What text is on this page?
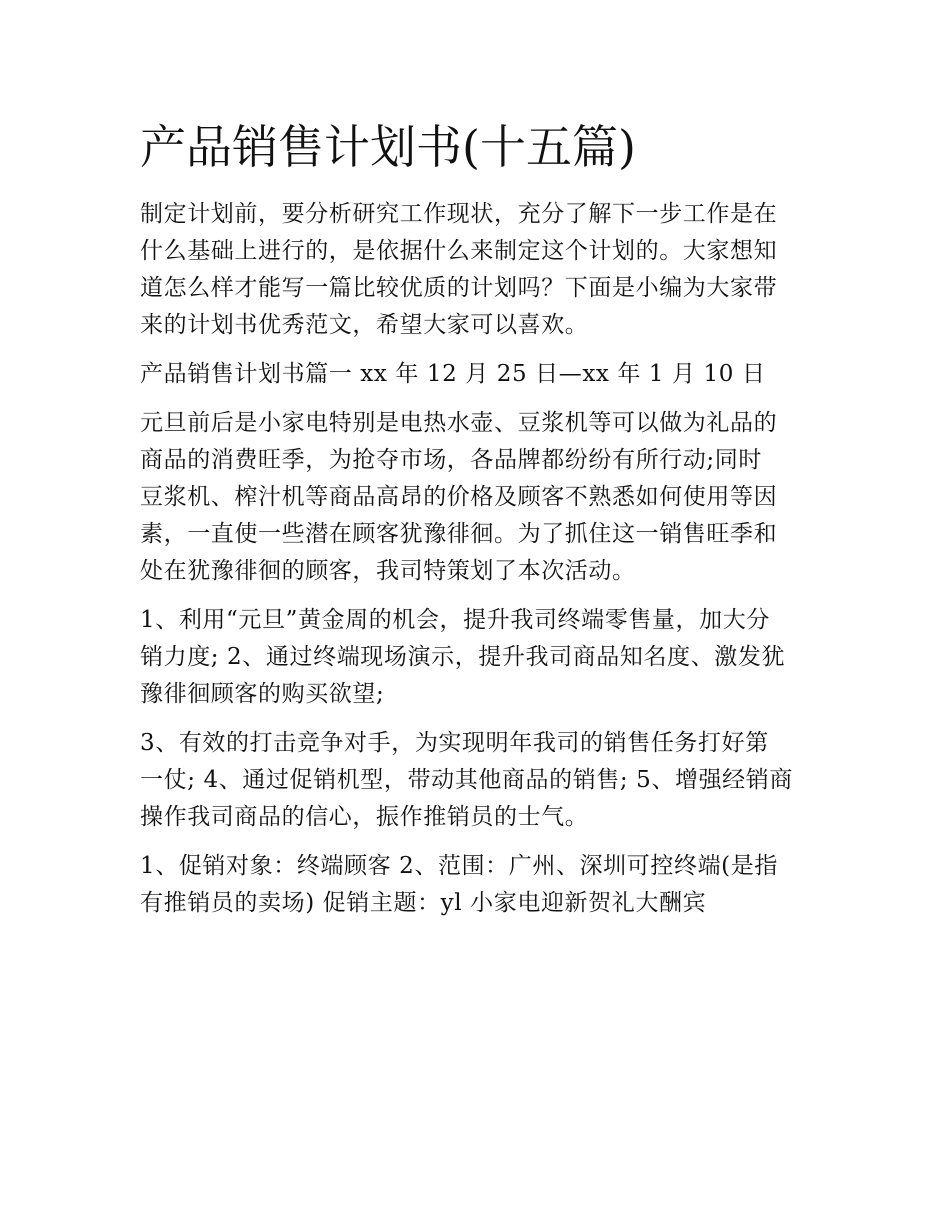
产品销售计划书(十五篇)
制定计划前，要分析研究工作现状，充分了解下一步工作是在
什么基础上进行的，是依据什么来制定这个计划的。大家想知
道怎么样才能写一篇比较优质的计划吗？下面是小编为大家带
来的计划书优秀范文，希望大家可以喜欢。
产品销售计划书篇一 xx 年 12 月 25 日—xx 年 1 月 10 日
元旦前后是小家电特别是电热水壶、豆浆机等可以做为礼品的
商品的消费旺季，为抢夺市场，各品牌都纷纷有所行动;同时
豆浆机、榨汁机等商品高昂的价格及顾客不熟悉如何使用等因
素，一直使一些潜在顾客犹豫徘徊。为了抓住这一销售旺季和
处在犹豫徘徊的顾客，我司特策划了本次活动。
1、利用“元旦”黄金周的机会，提升我司终端零售量，加大分
销力度; 2、通过终端现场演示，提升我司商品知名度、激发犹
豫徘徊顾客的购买欲望;
3、有效的打击竞争对手，为实现明年我司的销售任务打好第
一仗; 4、通过促销机型，带动其他商品的销售; 5、增强经销商
操作我司商品的信心，振作推销员的士气。
1、促销对象：终端顾客 2、范围：广州、深圳可控终端(是指
有推销员的卖场) 促销主题：yl 小家电迎新贺礼大酬宾
